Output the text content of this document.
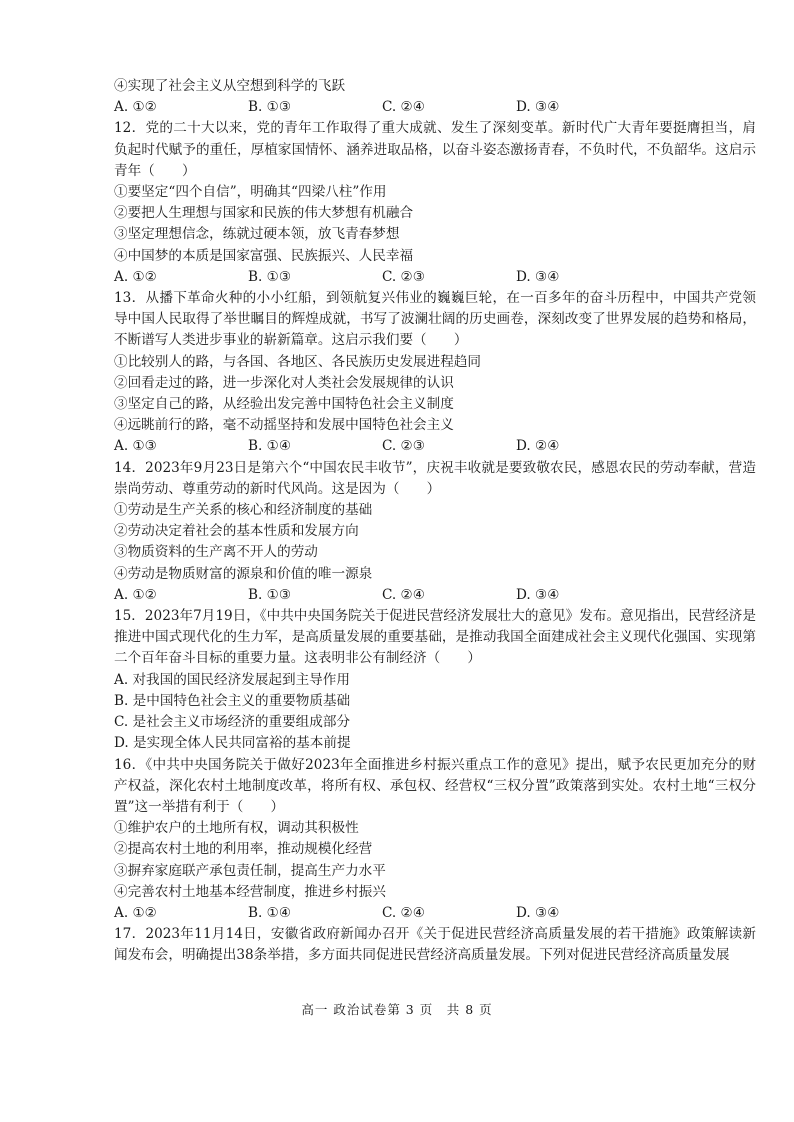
④实现了社会主义从空想到科学的飞跃

A. ①②	B. ①③	C. ②④	D. ③④

12．党的二十大以来，党的青年工作取得了重大成就、发生了深刻变革。新时代广大青年要挺膺担当，肩负起时代赋予的重任，厚植家国情怀、涵养进取品格，以奋斗姿态激扬青春，不负时代，不负韶华。这启示青年（　　）

①要坚定“四个自信”，明确其“四梁八柱”作用

②要把人生理想与国家和民族的伟大梦想有机融合

③坚定理想信念，练就过硬本领，放飞青春梦想

④中国梦的本质是国家富强、民族振兴、人民幸福

A. ①②	B. ①③	C. ②③	D. ③④

13．从播下革命火种的小小红船，到领航复兴伟业的巍巍巨轮，在一百多年的奋斗历程中，中国共产党领导中国人民取得了举世瞩目的辉煌成就，书写了波澜壮阔的历史画卷，深刻改变了世界发展的趋势和格局，不断谱写人类进步事业的崭新篇章。这启示我们要（　　）

①比较别人的路，与各国、各地区、各民族历史发展进程趋同

②回看走过的路，进一步深化对人类社会发展规律的认识

③坚定自己的路，从经验出发完善中国特色社会主义制度

④远眺前行的路，毫不动摇坚持和发展中国特色社会主义

A. ①③	B. ①④	C. ②③	D. ②④

14．2023年9月23日是第六个“中国农民丰收节”，庆祝丰收就是要致敬农民，感恩农民的劳动奉献，营造崇尚劳动、尊重劳动的新时代风尚。这是因为（　　）

①劳动是生产关系的核心和经济制度的基础

②劳动决定着社会的基本性质和发展方向

③物质资料的生产离不开人的劳动

④劳动是物质财富的源泉和价值的唯一源泉

A. ①②	B. ①③	C. ②④	D. ③④

15．2023年7月19日，《中共中央国务院关于促进民营经济发展壮大的意见》发布。意见指出，民营经济是推进中国式现代化的生力军，是高质量发展的重要基础，是推动我国全面建成社会主义现代化强国、实现第二个百年奋斗目标的重要力量。这表明非公有制经济（　　）

A. 对我国的国民经济发展起到主导作用

B. 是中国特色社会主义的重要物质基础

C. 是社会主义市场经济的重要组成部分

D. 是实现全体人民共同富裕的基本前提

16．《中共中央国务院关于做好2023年全面推进乡村振兴重点工作的意见》提出，赋予农民更加充分的财产权益，深化农村土地制度改革，将所有权、承包权、经营权“三权分置”政策落到实处。农村土地“三权分置”这一举措有利于（　　）

①维护农户的土地所有权，调动其积极性

②提高农村土地的利用率，推动规模化经营

③摒弃家庭联产承包责任制，提高生产力水平

④完善农村土地基本经营制度，推进乡村振兴

A. ①②	B. ①④	C. ②④	D. ③④

17．2023年11月14日，安徽省政府新闻办召开《关于促进民营经济高质量发展的若干措施》政策解读新闻发布会，明确提出38条举措，多方面共同促进民营经济高质量发展。下列对促进民营经济高质量发展

高一 政治试卷第 3 页　共 8 页
